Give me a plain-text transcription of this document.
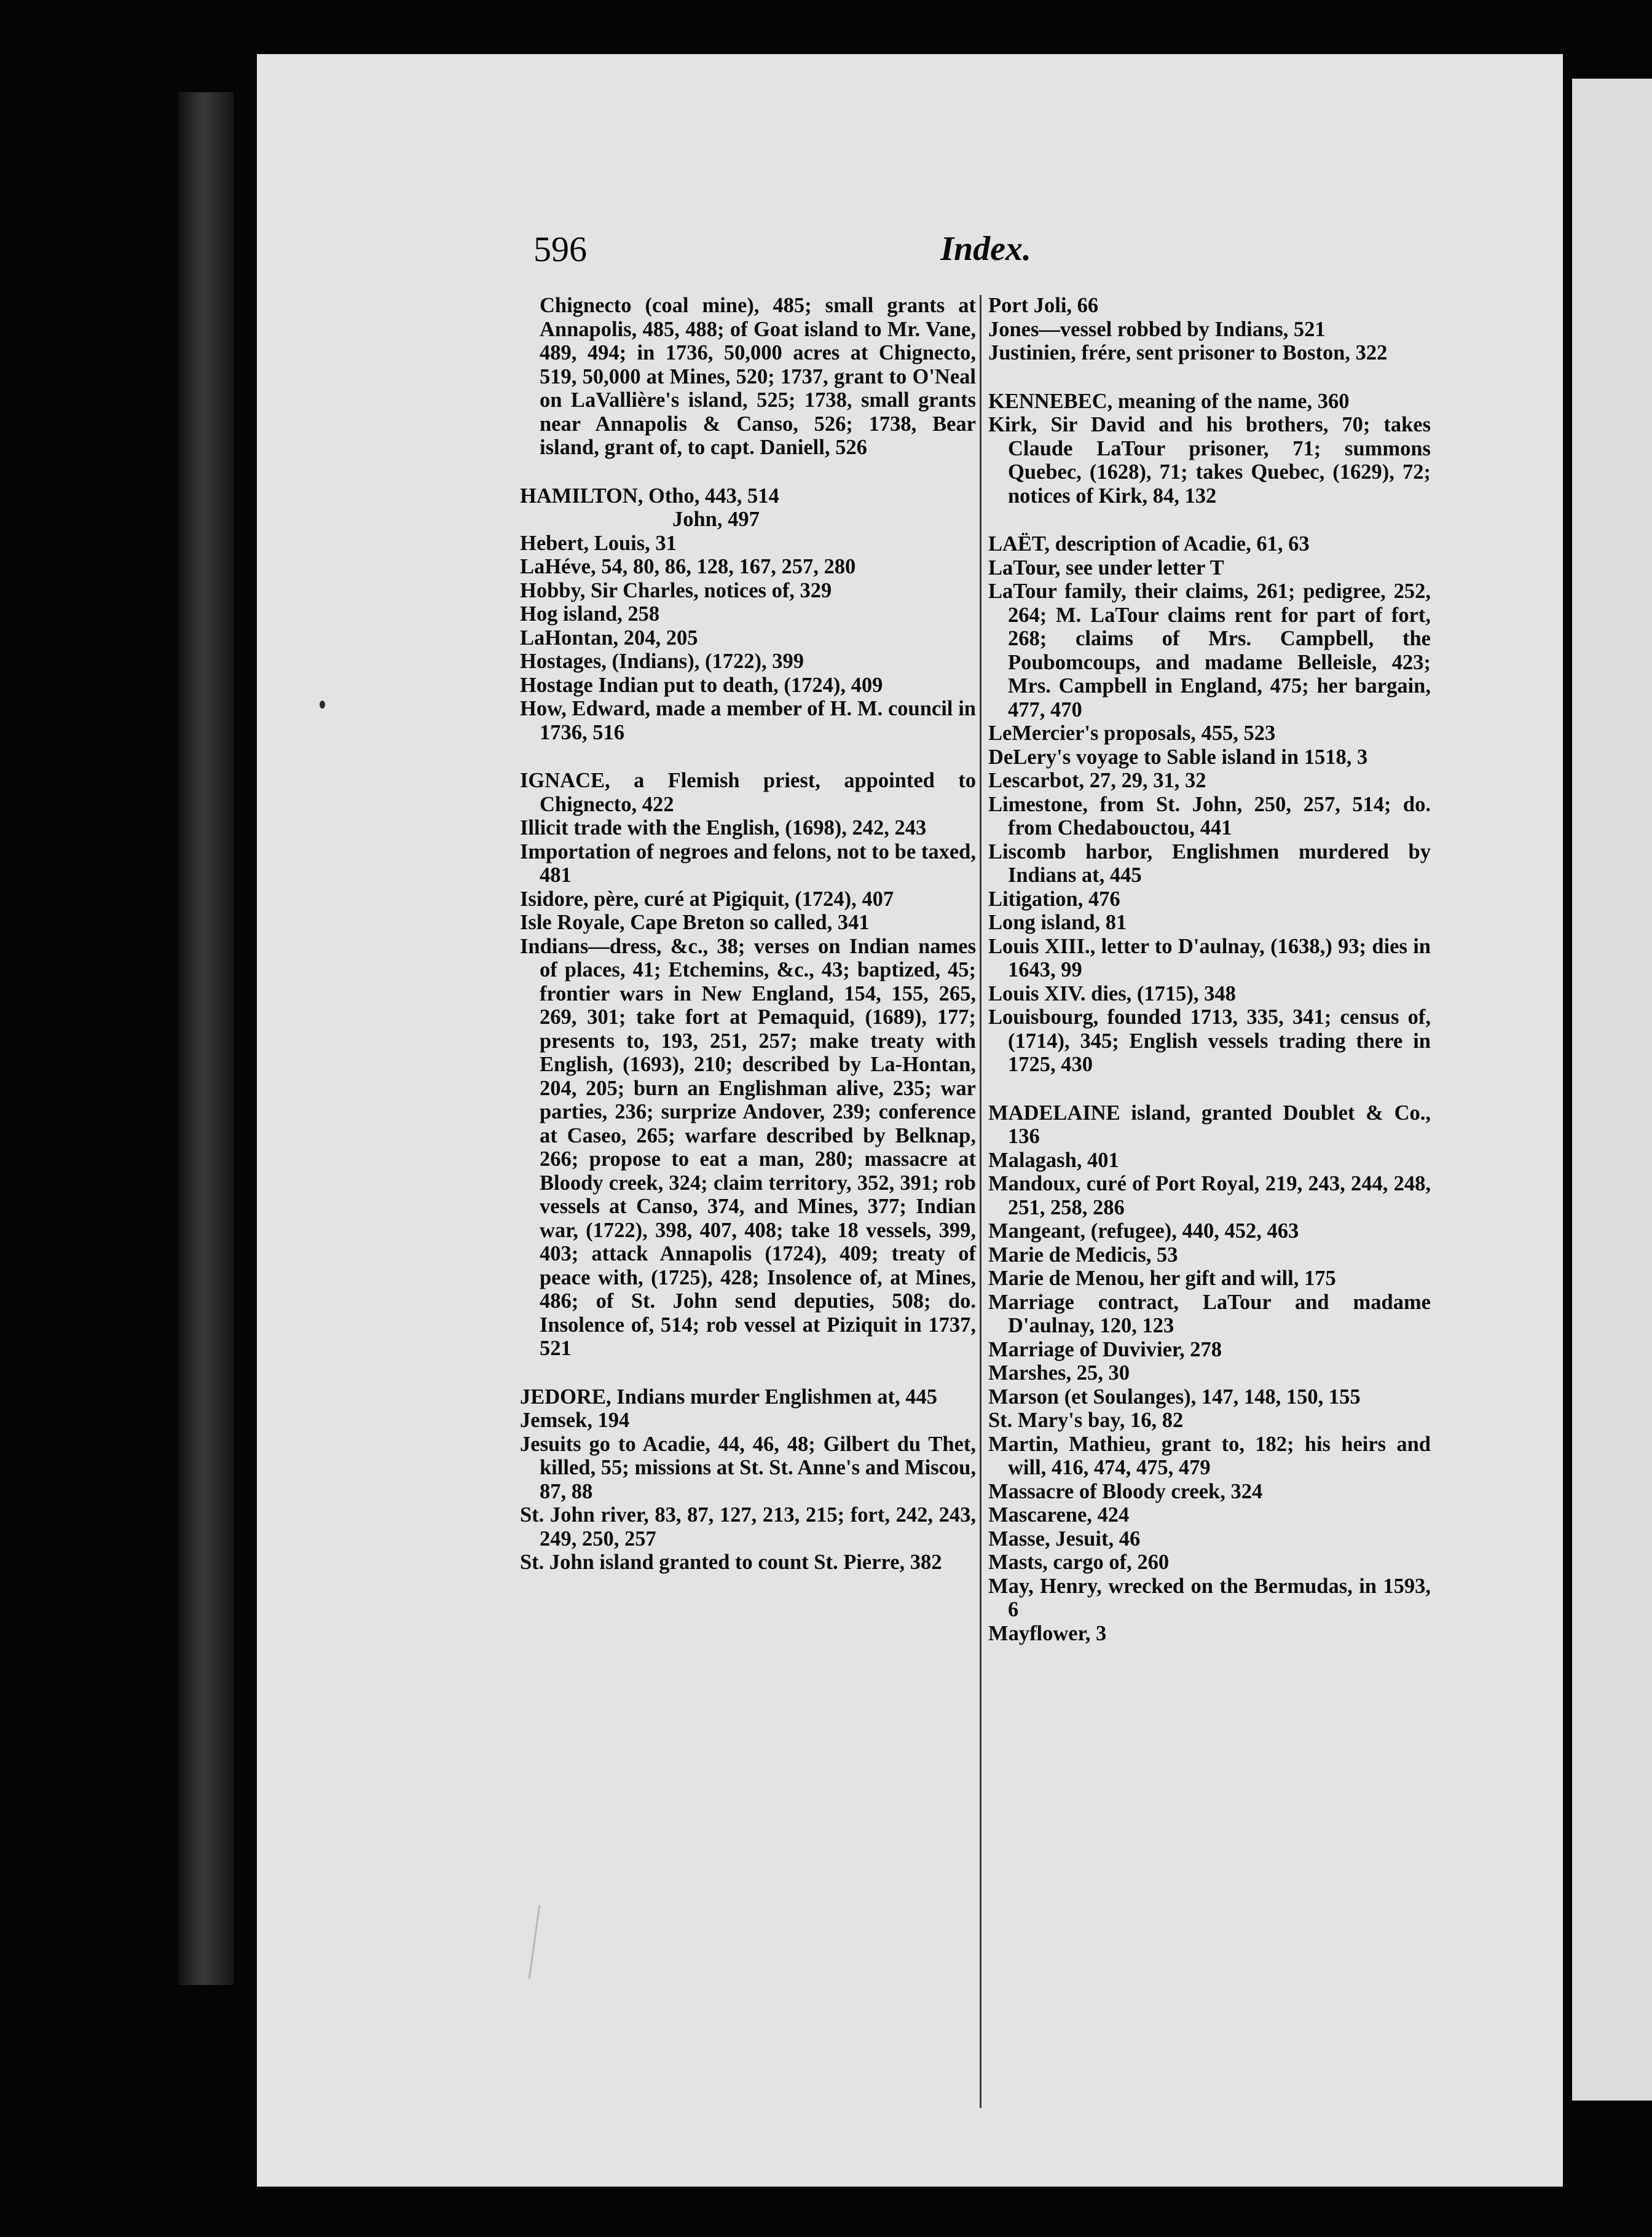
596	Index.

Chignecto (coal mine), 485; small grants at Annapolis, 485, 488; of Goat island to Mr. Vane, 489, 494; in 1736, 50,000 acres at Chignecto, 519, 50,000 at Mines, 520; 1737, grant to O'Neal on LaVallière's island, 525; 1738, small grants near Annapolis & Canso, 526; 1738, Bear island, grant of, to capt. Daniell, 526

HAMILTON, Otho, 443, 514

John, 497

Hebert, Louis, 31

LaHéve, 54, 80, 86, 128, 167, 257, 280

Hobby, Sir Charles, notices of, 329

Hog island, 258

LaHontan, 204, 205

Hostages, (Indians), (1722), 399

Hostage Indian put to death, (1724), 409

How, Edward, made a member of H. M. council in 1736, 516

IGNACE, a Flemish priest, appointed to Chignecto, 422

Illicit trade with the English, (1698), 242, 243

Importation of negroes and felons, not to be taxed, 481

Isidore, père, curé at Pigiquit, (1724), 407

Isle Royale, Cape Breton so called, 341

Indians—dress, &c., 38; verses on Indian names of places, 41; Etchemins, &c., 43; baptized, 45; frontier wars in New England, 154, 155, 265, 269, 301; take fort at Pemaquid, (1689), 177; presents to, 193, 251, 257; make treaty with English, (1693), 210; described by La-Hontan, 204, 205; burn an Englishman alive, 235; war parties, 236; surprize Andover, 239; conference at Caseo, 265; warfare described by Belknap, 266; propose to eat a man, 280; massacre at Bloody creek, 324; claim territory, 352, 391; rob vessels at Canso, 374, and Mines, 377; Indian war, (1722), 398, 407, 408; take 18 vessels, 399, 403; attack Annapolis (1724), 409; treaty of peace with, (1725), 428; Insolence of, at Mines, 486; of St. John send deputies, 508; do. Insolence of, 514; rob vessel at Piziquit in 1737, 521

JEDORE, Indians murder Englishmen at, 445

Jemsek, 194

Jesuits go to Acadie, 44, 46, 48; Gilbert du Thet, killed, 55; missions at St. St. Anne's and Miscou, 87, 88

St. John river, 83, 87, 127, 213, 215; fort, 242, 243, 249, 250, 257

St. John island granted to count St. Pierre, 382

Port Joli, 66

Jones—vessel robbed by Indians, 521

Justinien, frére, sent prisoner to Boston, 322

KENNEBEC, meaning of the name, 360

Kirk, Sir David and his brothers, 70; takes Claude LaTour prisoner, 71; summons Quebec, (1628), 71; takes Quebec, (1629), 72; notices of Kirk, 84, 132

LAËT, description of Acadie, 61, 63

LaTour, see under letter T

LaTour family, their claims, 261; pedigree, 252, 264; M. LaTour claims rent for part of fort, 268; claims of Mrs. Campbell, the Poubomcoups, and madame Belleisle, 423; Mrs. Campbell in England, 475; her bargain, 477, 470

LeMercier's proposals, 455, 523

DeLery's voyage to Sable island in 1518, 3

Lescarbot, 27, 29, 31, 32

Limestone, from St. John, 250, 257, 514; do. from Chedabouctou, 441

Liscomb harbor, Englishmen murdered by Indians at, 445

Litigation, 476

Long island, 81

Louis XIII., letter to D'aulnay, (1638,) 93; dies in 1643, 99

Louis XIV. dies, (1715), 348

Louisbourg, founded 1713, 335, 341; census of, (1714), 345; English vessels trading there in 1725, 430

MADELAINE island, granted Doublet & Co., 136

Malagash, 401

Mandoux, curé of Port Royal, 219, 243, 244, 248, 251, 258, 286

Mangeant, (refugee), 440, 452, 463

Marie de Medicis, 53

Marie de Menou, her gift and will, 175

Marriage contract, LaTour and madame D'aulnay, 120, 123

Marriage of Duvivier, 278

Marshes, 25, 30

Marson (et Soulanges), 147, 148, 150, 155

St. Mary's bay, 16, 82

Martin, Mathieu, grant to, 182; his heirs and will, 416, 474, 475, 479

Massacre of Bloody creek, 324

Mascarene, 424

Masse, Jesuit, 46

Masts, cargo of, 260

May, Henry, wrecked on the Bermudas, in 1593, 6

Mayflower, 3
